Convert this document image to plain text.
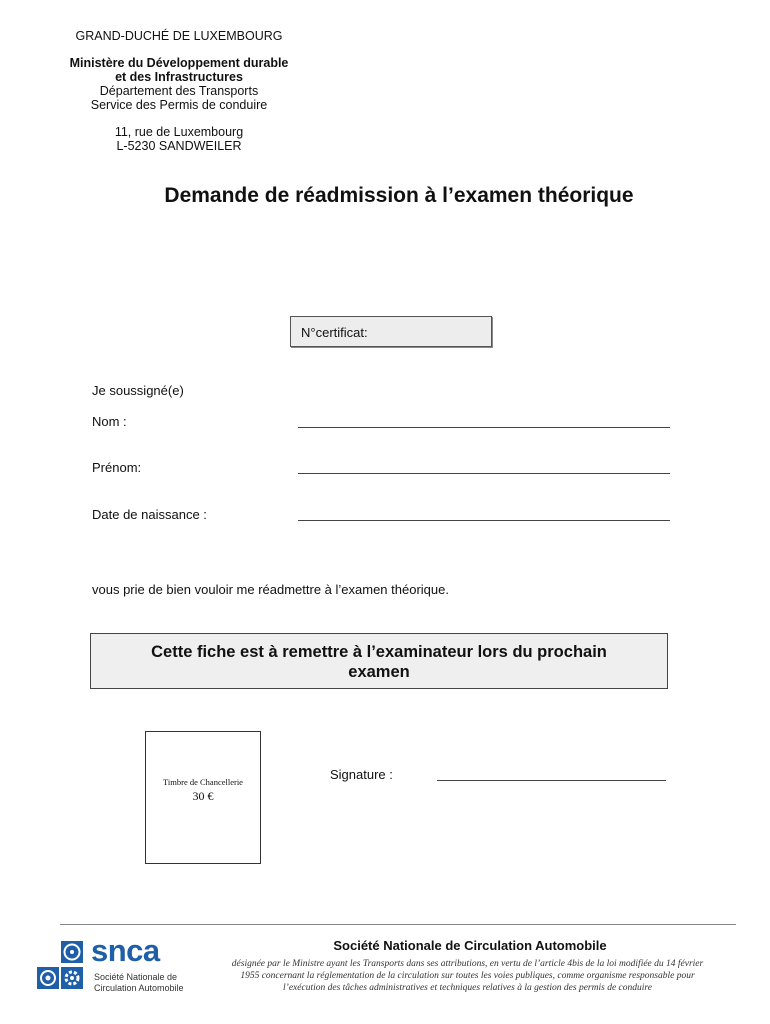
GRAND-DUCHÉ DE LUXEMBOURG
Ministère du Développement durable
et des Infrastructures
Département des Transports
Service des Permis de conduire
11, rue de Luxembourg
L-5230 SANDWEILER
Demande de réadmission à l’examen théorique
N°certificat:
Je soussigné(e)
Nom :
Prénom:
Date de naissance :
vous prie de bien vouloir me réadmettre à l’examen théorique.
Cette fiche est à remettre à l’examinateur lors du prochain
examen
Timbre de Chancellerie
30 €
Signature :
snca
Société Nationale de
Circulation Automobile
Société Nationale de Circulation Automobile
désignée par le Ministre ayant les Transports dans ses attributions, en vertu de l’article 4bis de la loi modifiée du 14 février
1955 concernant la réglementation de la circulation sur toutes les voies publiques, comme organisme responsable pour
l’exécution des tâches administratives et techniques relatives à la gestion des permis de conduire
